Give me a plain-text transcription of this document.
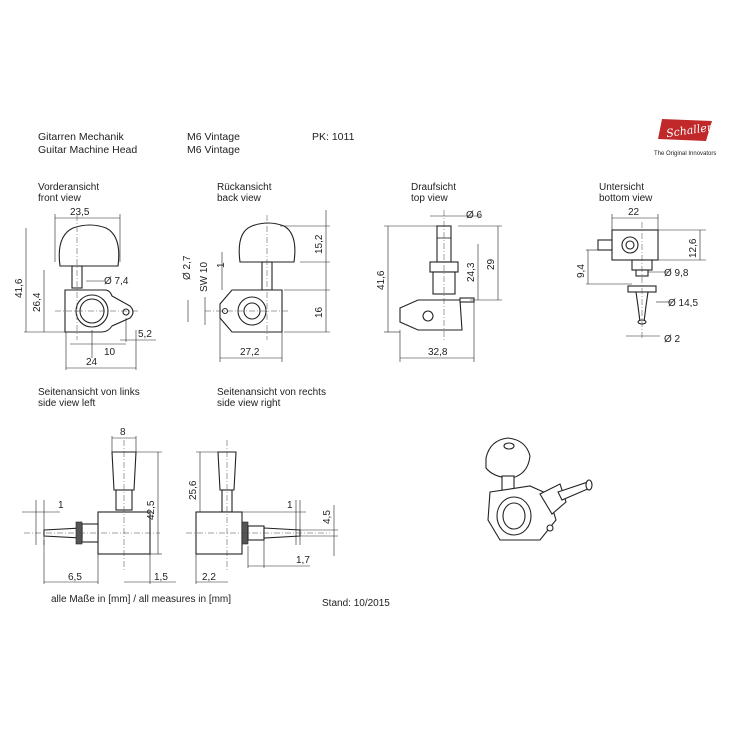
Gitarren Mechanik
Guitar Machine Head
M6 Vintage
M6 Vintage
PK: 1011	Schaller
The Original Innovators
Vorderansicht
front view
Rückansicht
back view
Draufsicht
top view
Untersicht
bottom view
Seitenansicht von links
side view left
Seitenansicht von rechts
side view right
alle Maße in [mm] / all measures in [mm]	Stand: 10/2015
23,5
41,6
26,4
Ø 7,4
5,2
10
24
15,2
16
Ø 2,7 SW 10 1
27,2
Ø 6
41,6	24,3 29
32,8
22
12,6
9,4	Ø 9,8
Ø 14,5
Ø 2
8
42,5
1
6,5	1,5
25,6
1
4,5
2,2
1,7
